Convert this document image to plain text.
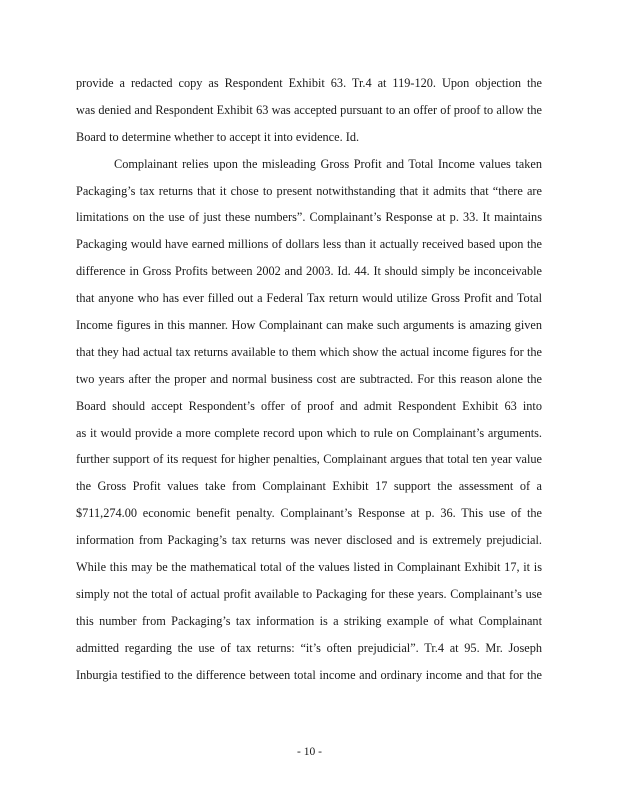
provide a redacted copy as Respondent Exhibit 63. Tr.4 at 119-120. Upon objection the
was denied and Respondent Exhibit 63 was accepted pursuant to an offer of proof to allow the
Board to determine whether to accept it into evidence. Id.
Complainant relies upon the misleading Gross Profit and Total Income values taken
Packaging’s tax returns that it chose to present notwithstanding that it admits that “there are
limitations on the use of just these numbers”. Complainant’s Response at p. 33. It maintains
Packaging would have earned millions of dollars less than it actually received based upon the
difference in Gross Profits between 2002 and 2003. Id. 44. It should simply be inconceivable
that anyone who has ever filled out a Federal Tax return would utilize Gross Profit and Total
Income figures in this manner. How Complainant can make such arguments is amazing given
that they had actual tax returns available to them which show the actual income figures for the
two years after the proper and normal business cost are subtracted. For this reason alone the
Board should accept Respondent’s offer of proof and admit Respondent Exhibit 63 into
as it would provide a more complete record upon which to rule on Complainant’s arguments.
further support of its request for higher penalties, Complainant argues that total ten year value
the Gross Profit values take from Complainant Exhibit 17 support the assessment of a
$711,274.00 economic benefit penalty. Complainant’s Response at p. 36. This use of the
information from Packaging’s tax returns was never disclosed and is extremely prejudicial.
While this may be the mathematical total of the values listed in Complainant Exhibit 17, it is
simply not the total of actual profit available to Packaging for these years. Complainant’s use
this number from Packaging’s tax information is a striking example of what Complainant
admitted regarding the use of tax returns: “it’s often prejudicial”. Tr.4 at 95. Mr. Joseph
Inburgia testified to the difference between total income and ordinary income and that for the
- 10 -
